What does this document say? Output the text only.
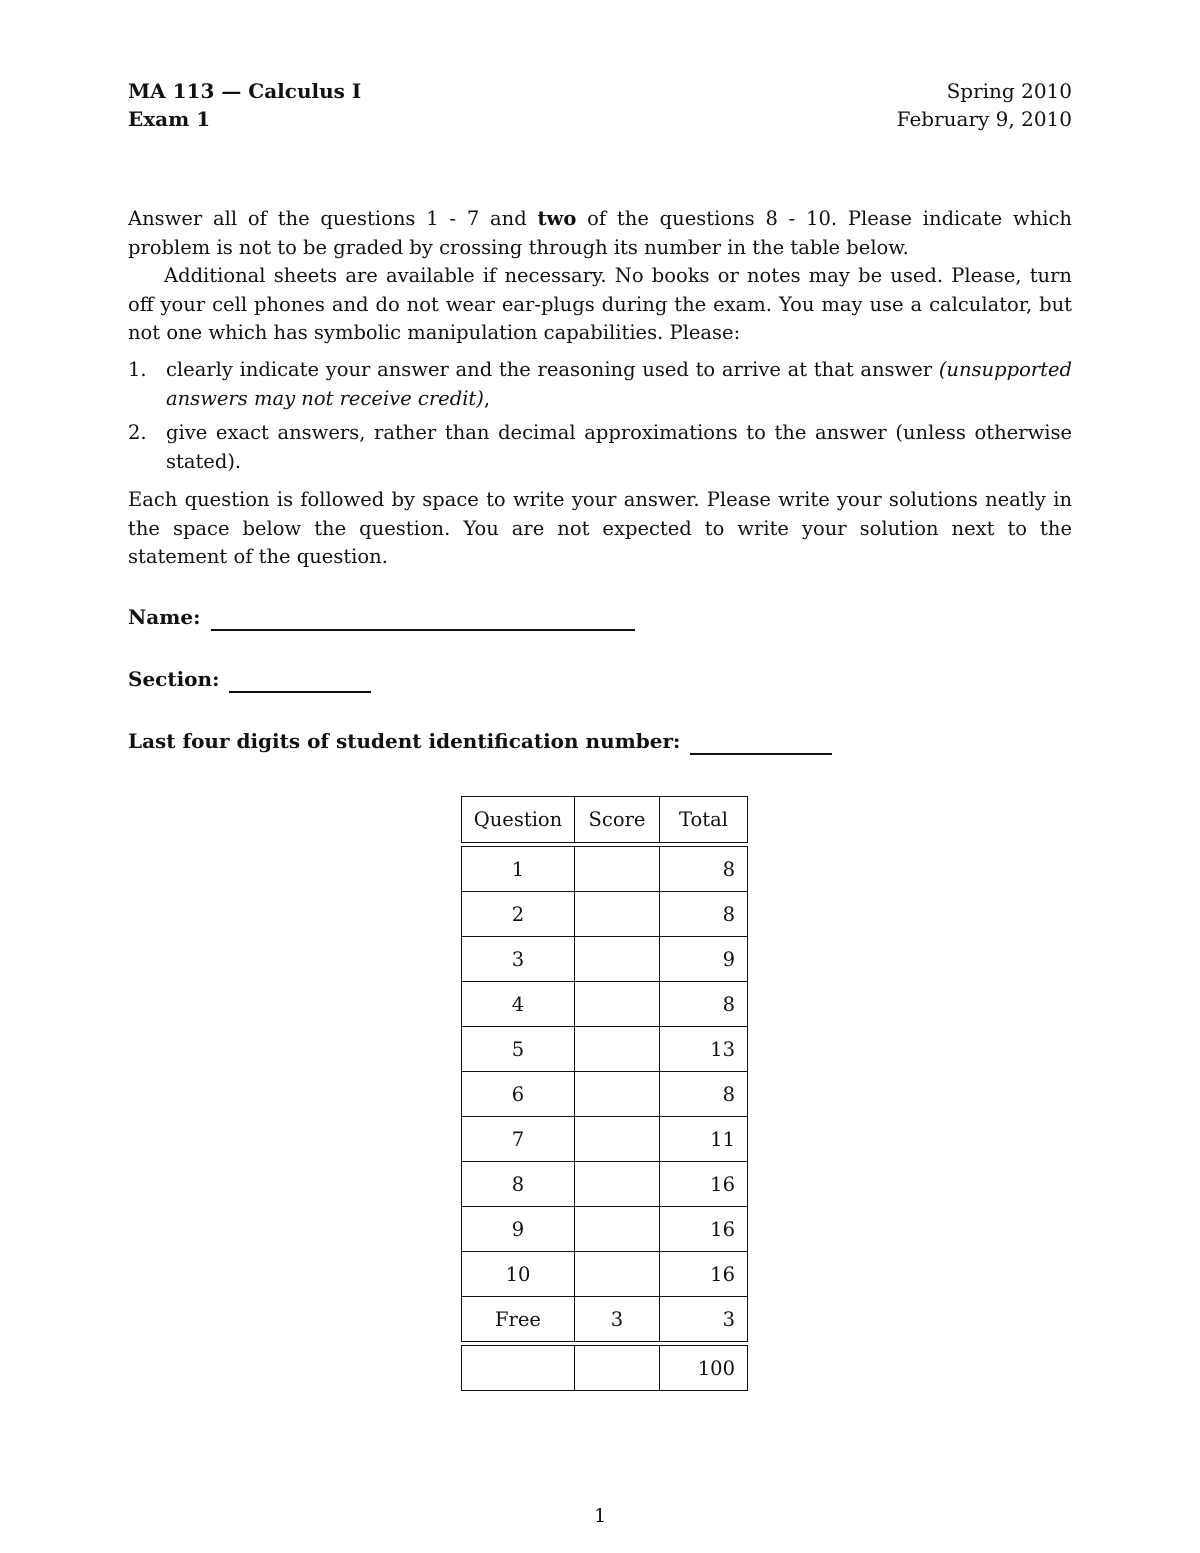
MA 113 — Calculus I
Exam 1
Spring 2010
February 9, 2010
Answer all of the questions 1 - 7 and two of the questions 8 - 10. Please indicate which problem is not to be graded by crossing through its number in the table below.
Additional sheets are available if necessary. No books or notes may be used. Please, turn off your cell phones and do not wear ear-plugs during the exam. You may use a calculator, but not one which has symbolic manipulation capabilities. Please:
1. clearly indicate your answer and the reasoning used to arrive at that answer (unsupported answers may not receive credit),
2. give exact answers, rather than decimal approximations to the answer (unless otherwise stated).
Each question is followed by space to write your answer. Please write your solutions neatly in the space below the question. You are not expected to write your solution next to the statement of the question.
Name:
Section:
Last four digits of student identification number:
Question	Score	Total

1		8
2		8
3		9
4		8
5		13
6		8
7		11
8		16
9		16
10		16
Free	3	3

		100
1
